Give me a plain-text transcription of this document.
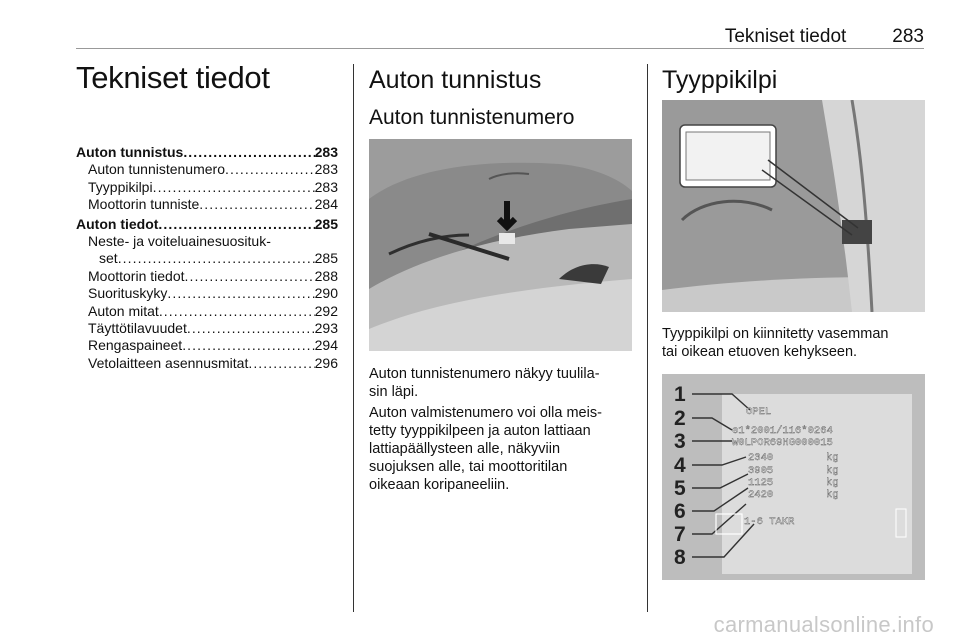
Tekniset tiedot 283
Tekniset tiedot
Auton tunnistus . . .	283
Auton tunnistenumero . . .	283
Tyyppikilpi . . .	283
Moottorin tunniste . . .	284
Auton tiedot . . .	285
Neste- ja voiteluainesuosituk-
set . . .	285
Moottorin tiedot . . .	288
Suorituskyky . . .	290
Auton mitat . . .	292
Täyttötilavuudet . . .	293
Rengaspaineet . . .	294
Vetolaitteen asennusmitat . . .	296
Auton tunnistus
Auton tunnistenumero

Auton tunnistenumero näkyy tuulila-
sin läpi.

Auton valmistenumero voi olla meis-
tetty tyyppikilpeen ja auton lattiaan
lattiapäällysteen alle, näkyviin
suojuksen alle, tai moottoritilan
oikeaan koripaneeliin.

Tyyppikilpi

Tyyppikilpi on kiinnitetty vasemman
tai oikean etuoven kehykseen.

1
2
3
4
5
6
7
8
OPEL
e1*2001/116*0264
W0LPOR69HG000015
2340
3905
1125
2420
kg
kg
kg
kg
1-6 TAKR
carmanualsonline.info
